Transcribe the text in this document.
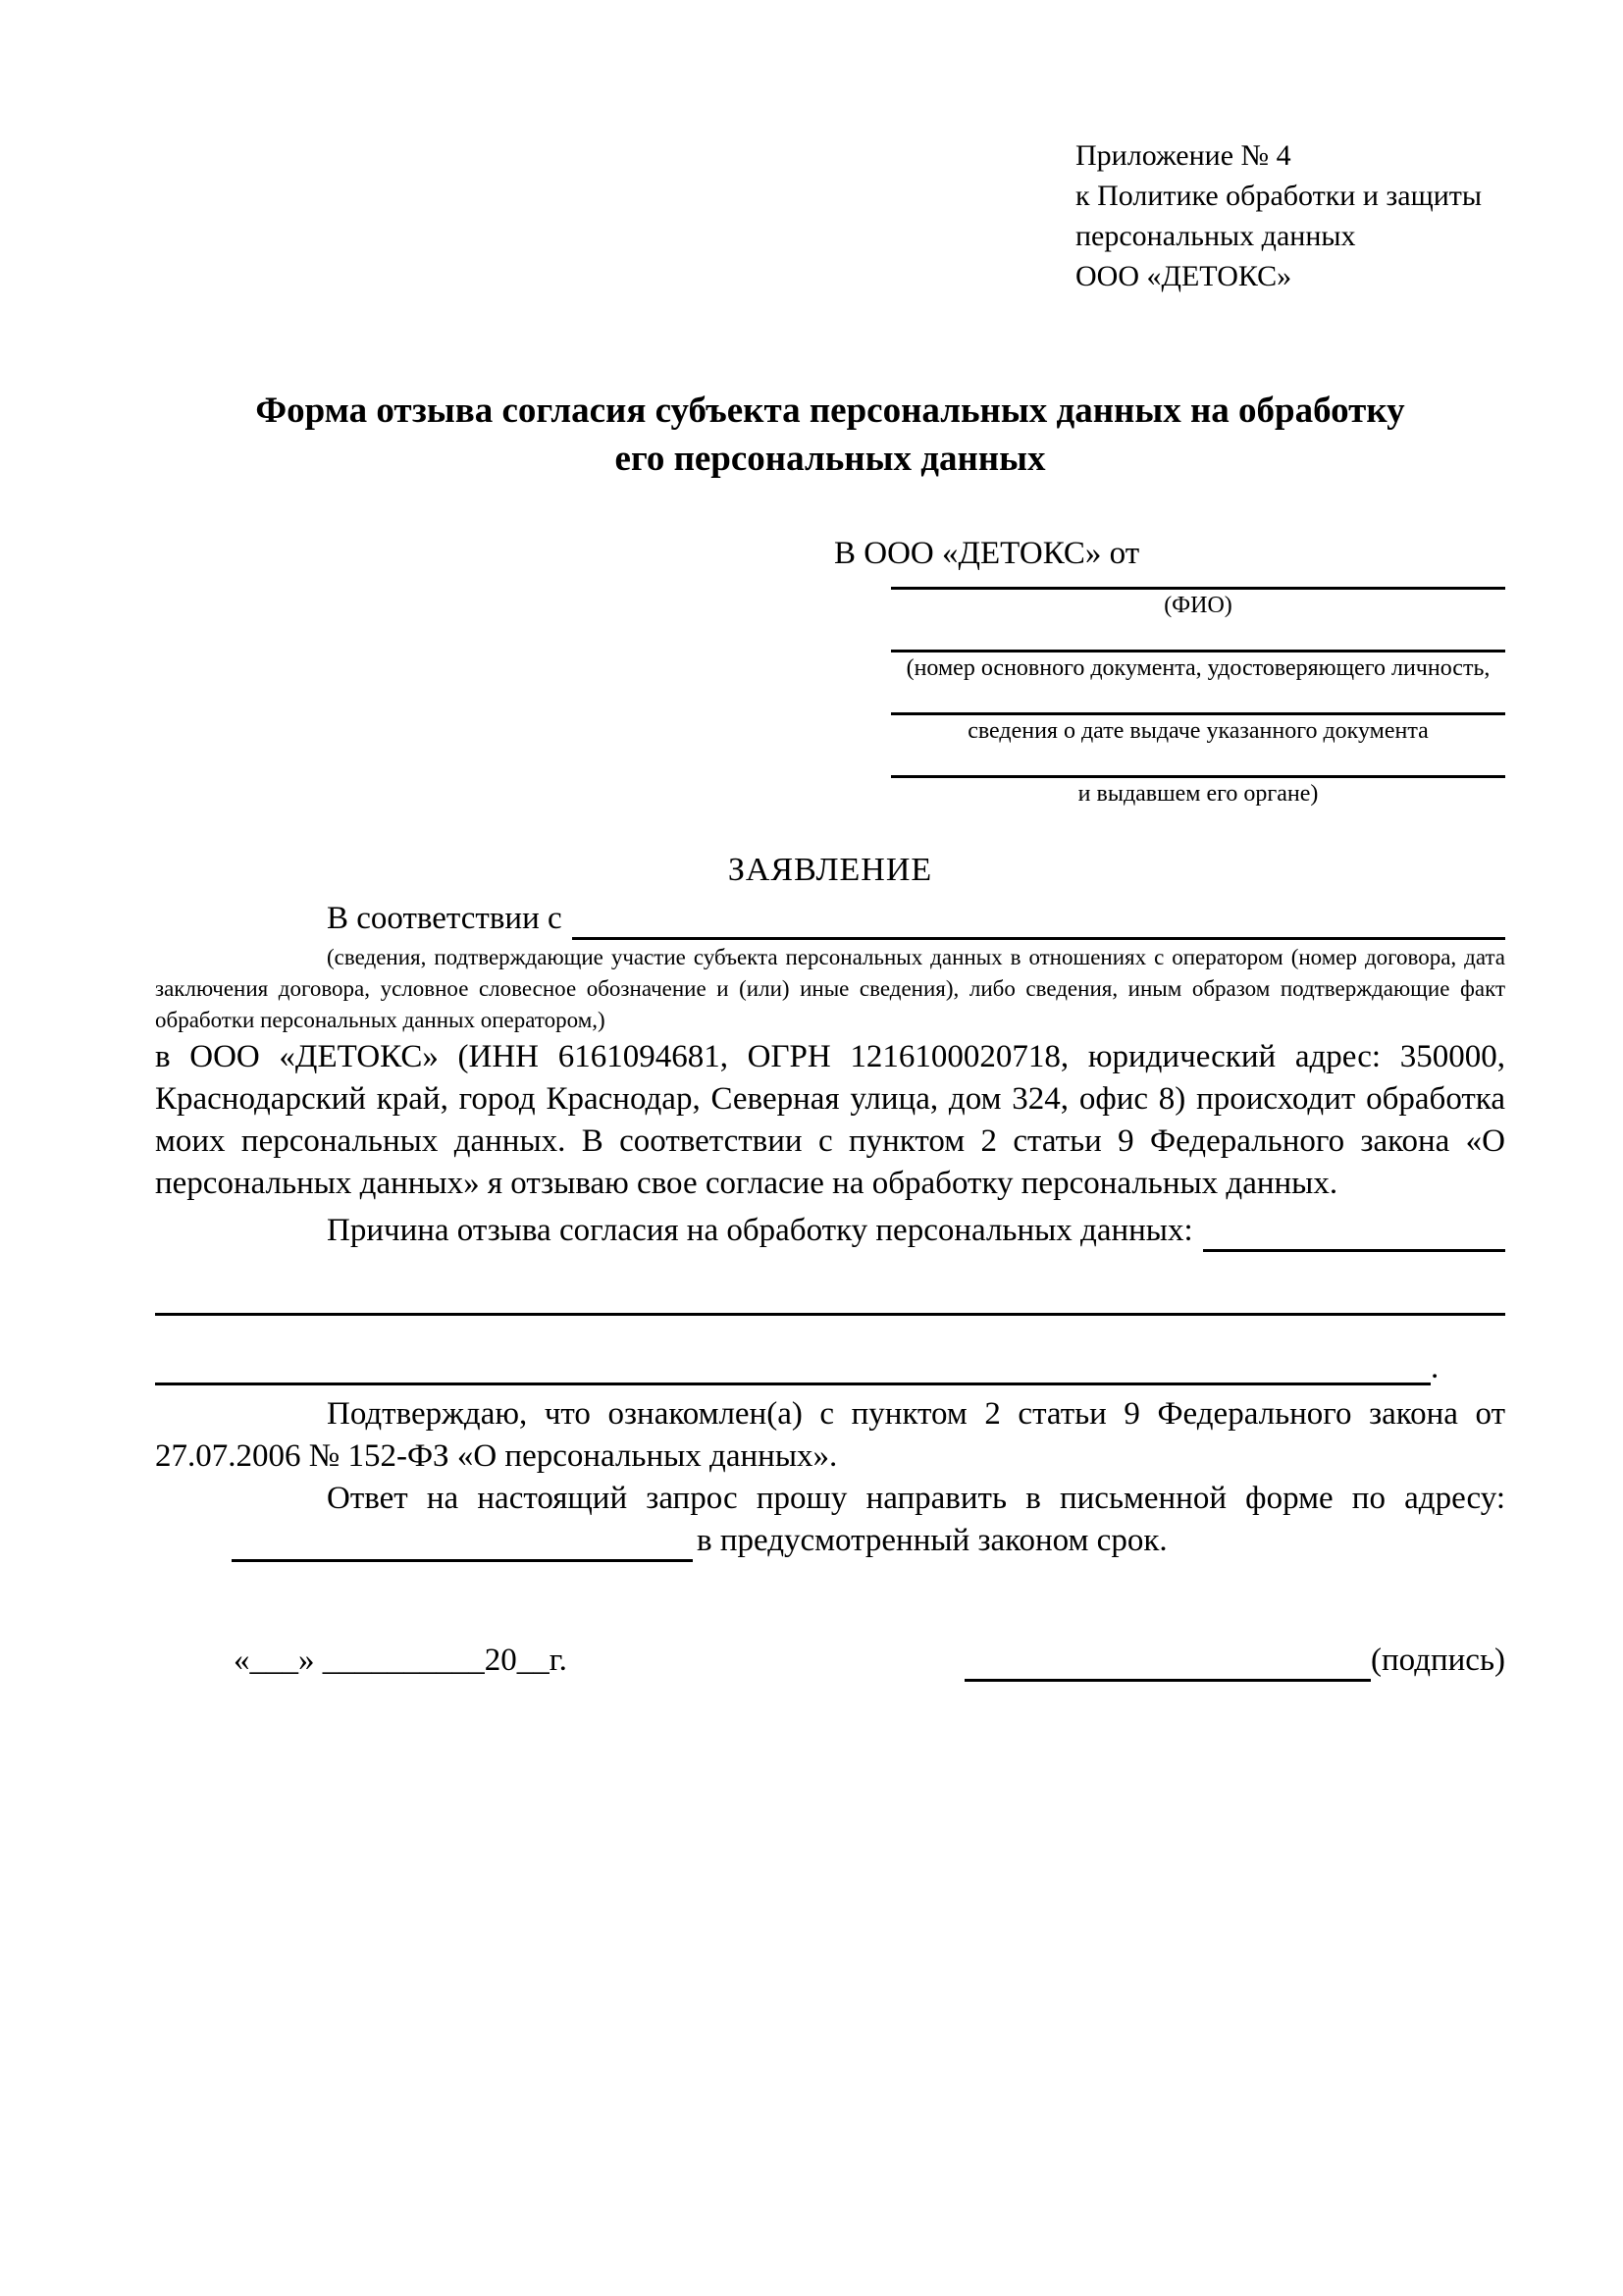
Приложение № 4
к Политике обработки и защиты
персональных данных
ООО «ДЕТОКС»
Форма отзыва согласия субъекта персональных данных на обработку
его персональных данных
В ООО «ДЕТОКС» от
(ФИО)
(номер основного документа, удостоверяющего личность,
сведения о дате выдаче указанного документа
и выдавшем его органе)
ЗАЯВЛЕНИЕ
В соответствии с
(сведения, подтверждающие участие субъекта персональных данных в отношениях с оператором (номер договора, дата заключения договора, условное словесное обозначение и (или) иные сведения), либо сведения, иным образом подтверждающие факт обработки персональных данных оператором,)
в ООО «ДЕТОКС» (ИНН 6161094681, ОГРН 1216100020718, юридический адрес: 350000, Краснодарский край, город Краснодар, Северная улица, дом 324, офис 8) происходит обработка моих персональных данных. В соответствии с пунктом 2 статьи 9 Федерального закона «О персональных данных» я отзываю свое согласие на обработку персональных данных.
Причина отзыва согласия на обработку персональных данных:
.
Подтверждаю, что ознакомлен(а) с пунктом 2 статьи 9 Федерального закона от 27.07.2006 № 152-ФЗ «О персональных данных».
Ответ на настоящий запрос прошу направить в письменной форме по адресу:
в предусмотренный законом срок.
«___» __________20__г.	(подпись)
